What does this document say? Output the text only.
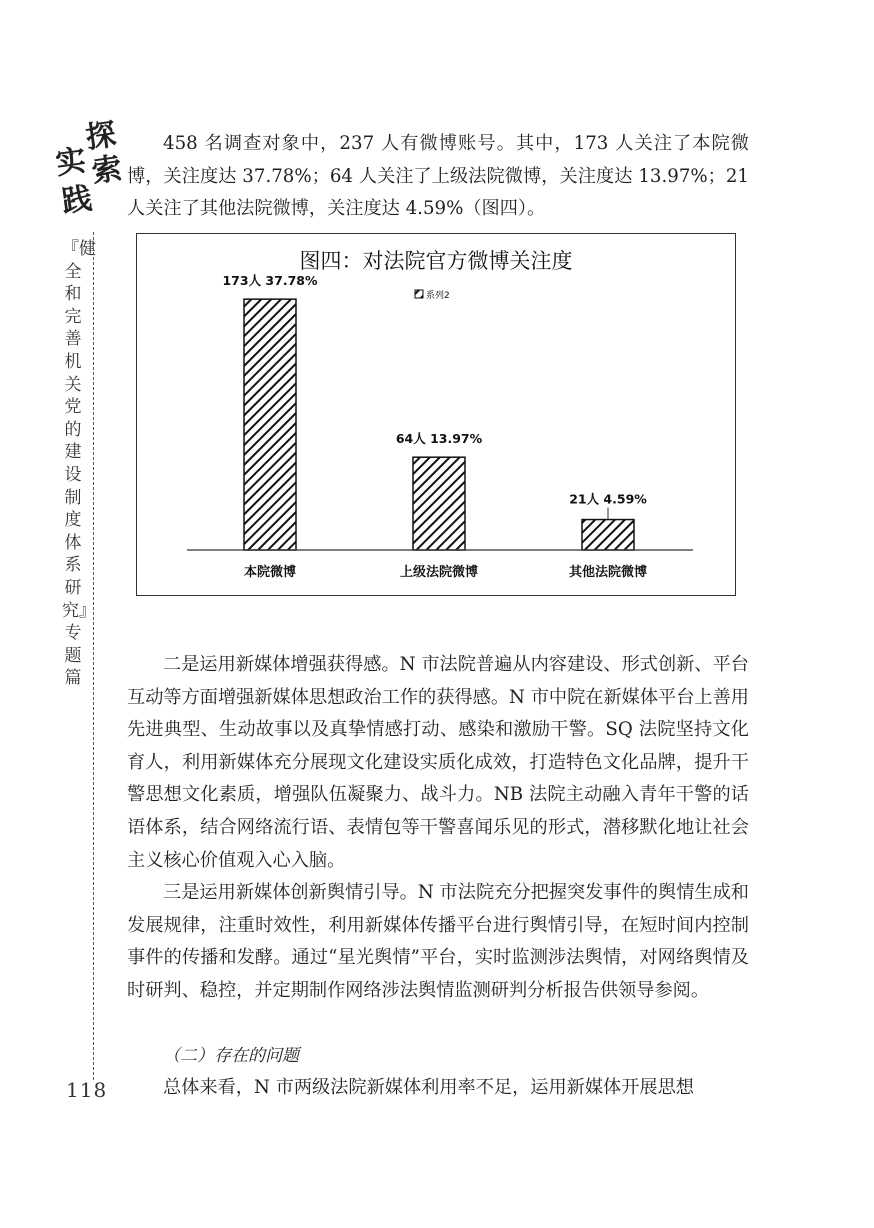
探
索
实
践
『健全和完善机关党的建设制度体系研究』专题篇
118

458 名调查对象中，237 人有微博账号。其中，173 人关注了本院微博，关注度达 37.78%；64 人关注了上级法院微博，关注度达 13.97%；21 人关注了其他法院微博，关注度达 4.59%（图四）。

图四：对法院官方微博关注度
系列2
173人 37.78%
本院微博
64人 13.97%
上级法院微博
21人 4.59%
其他法院微博

二是运用新媒体增强获得感。N 市法院普遍从内容建设、形式创新、平台互动等方面增强新媒体思想政治工作的获得感。N 市中院在新媒体平台上善用先进典型、生动故事以及真挚情感打动、感染和激励干警。SQ 法院坚持文化育人，利用新媒体充分展现文化建设实质化成效，打造特色文化品牌，提升干警思想文化素质，增强队伍凝聚力、战斗力。NB 法院主动融入青年干警的话语体系，结合网络流行语、表情包等干警喜闻乐见的形式，潜移默化地让社会主义核心价值观入心入脑。

三是运用新媒体创新舆情引导。N 市法院充分把握突发事件的舆情生成和发展规律，注重时效性，利用新媒体传播平台进行舆情引导，在短时间内控制事件的传播和发酵。通过“星光舆情”平台，实时监测涉法舆情，对网络舆情及时研判、稳控，并定期制作网络涉法舆情监测研判分析报告供领导参阅。

（二）存在的问题

总体来看，N 市两级法院新媒体利用率不足，运用新媒体开展思想
